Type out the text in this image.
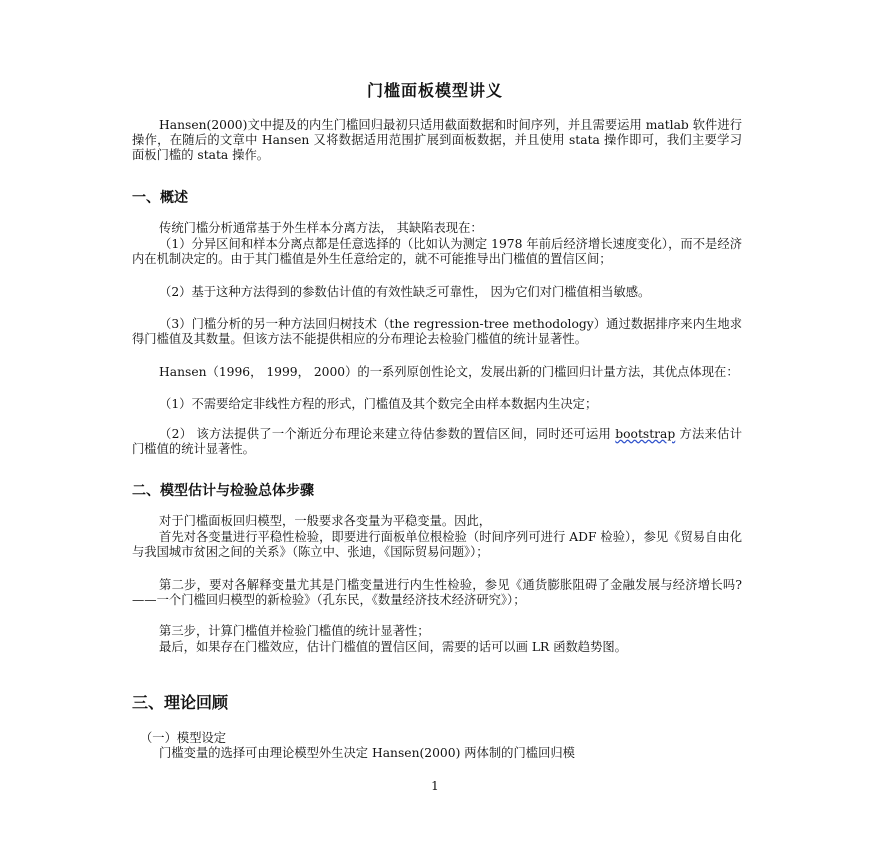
门槛面板模型讲义

Hansen(2000)文中提及的内生门槛回归最初只适用截面数据和时间序列，并且需要运用 matlab 软件进行操作，在随后的文章中 Hansen 又将数据适用范围扩展到面板数据，并且使用 stata 操作即可，我们主要学习面板门槛的 stata 操作。

一、概述

传统门槛分析通常基于外生样本分离方法， 其缺陷表现在：

（1）分异区间和样本分离点都是任意选择的（比如认为测定 1978 年前后经济增长速度变化），而不是经济内在机制决定的。由于其门槛值是外生任意给定的，就不可能推导出门槛值的置信区间；

（2）基于这种方法得到的参数估计值的有效性缺乏可靠性， 因为它们对门槛值相当敏感。

（3）门槛分析的另一种方法回归树技术（the regression-tree methodology）通过数据排序来内生地求得门槛值及其数量。但该方法不能提供相应的分布理论去检验门槛值的统计显著性。

Hansen（1996， 1999， 2000）的一系列原创性论文，发展出新的门槛回归计量方法，其优点体现在：

（1）不需要给定非线性方程的形式，门槛值及其个数完全由样本数据内生决定；

（2） 该方法提供了一个渐近分布理论来建立待估参数的置信区间，同时还可运用 bootstrap 方法来估计门槛值的统计显著性。

二、模型估计与检验总体步骤

对于门槛面板回归模型，一般要求各变量为平稳变量。因此，

首先对各变量进行平稳性检验，即要进行面板单位根检验（时间序列可进行 ADF 检验），参见《贸易自由化与我国城市贫困之间的关系》（陈立中、张迪，《国际贸易问题》）；

第二步，要对各解释变量尤其是门槛变量进行内生性检验，参见《通货膨胀阻碍了金融发展与经济增长吗?——一个门槛回归模型的新检验》（孔东民，《数量经济技术经济研究》）；

第三步，计算门槛值并检验门槛值的统计显著性；

最后，如果存在门槛效应，估计门槛值的置信区间，需要的话可以画 LR 函数趋势图。

三、理论回顾
（一）模型设定

门槛变量的选择可由理论模型外生决定 Hansen(2000) 两体制的门槛回归模

1
